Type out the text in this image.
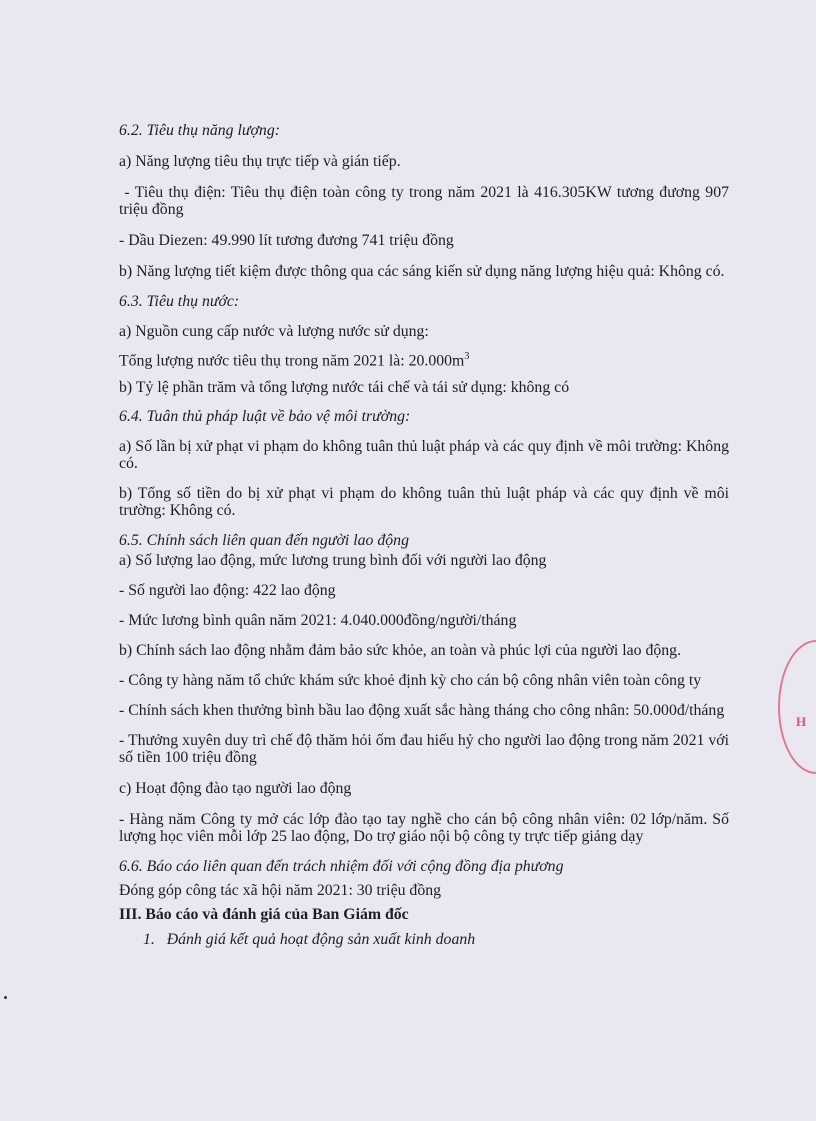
6.2. Tiêu thụ năng lượng:

a) Năng lượng tiêu thụ trực tiếp và gián tiếp.

- Tiêu thụ điện: Tiêu thụ điện toàn công ty trong năm 2021 là 416.305KW tương đương 907 triệu đồng

- Dầu Diezen: 49.990 lít tương đương 741 triệu đồng

b) Năng lượng tiết kiệm được thông qua các sáng kiến sử dụng năng lượng hiệu quả: Không có.

6.3. Tiêu thụ nước:

a) Nguồn cung cấp nước và lượng nước sử dụng:

Tổng lượng nước tiêu thụ trong năm 2021 là: $20.000m^3$

b) Tỷ lệ phần trăm và tổng lượng nước tái chế và tái sử dụng: không có

6.4. Tuân thủ pháp luật về bảo vệ môi trường:

a) Số lần bị xử phạt vi phạm do không tuân thủ luật pháp và các quy định về môi trường: Không có.

b) Tổng số tiền do bị xử phạt vi phạm do không tuân thủ luật pháp và các quy định về môi trường: Không có.

6.5. Chính sách liên quan đến người lao động

a) Số lượng lao động, mức lương trung bình đối với người lao động

- Số người lao động: 422 lao động

- Mức lương bình quân năm 2021: 4.040.000đồng/người/tháng

b) Chính sách lao động nhằm đảm bảo sức khỏe, an toàn và phúc lợi của người lao động.

- Công ty hàng năm tổ chức khám sức khoẻ định kỳ cho cán bộ công nhân viên toàn công ty

- Chính sách khen thưởng bình bầu lao động xuất sắc hàng tháng cho công nhân: 50.000đ/tháng

- Thưởng xuyên duy trì chế độ thăm hỏi ốm đau hiếu hỷ cho người lao động trong năm 2021 với số tiền 100 triệu đồng

c) Hoạt động đào tạo người lao động

- Hàng năm Công ty mở các lớp đào tạo tay nghề cho cán bộ công nhân viên: 02 lớp/năm. Số lượng học viên mỗi lớp 25 lao động, Do trợ giáo nội bộ công ty trực tiếp giảng dạy

6.6. Báo cáo liên quan đến trách nhiệm đối với cộng đồng địa phương

Đóng góp công tác xã hội năm 2021: 30 triệu đồng

III. Báo cáo và đánh giá của Ban Giám đốc

1.   Đánh giá kết quả hoạt động sản xuất kinh doanh

H
